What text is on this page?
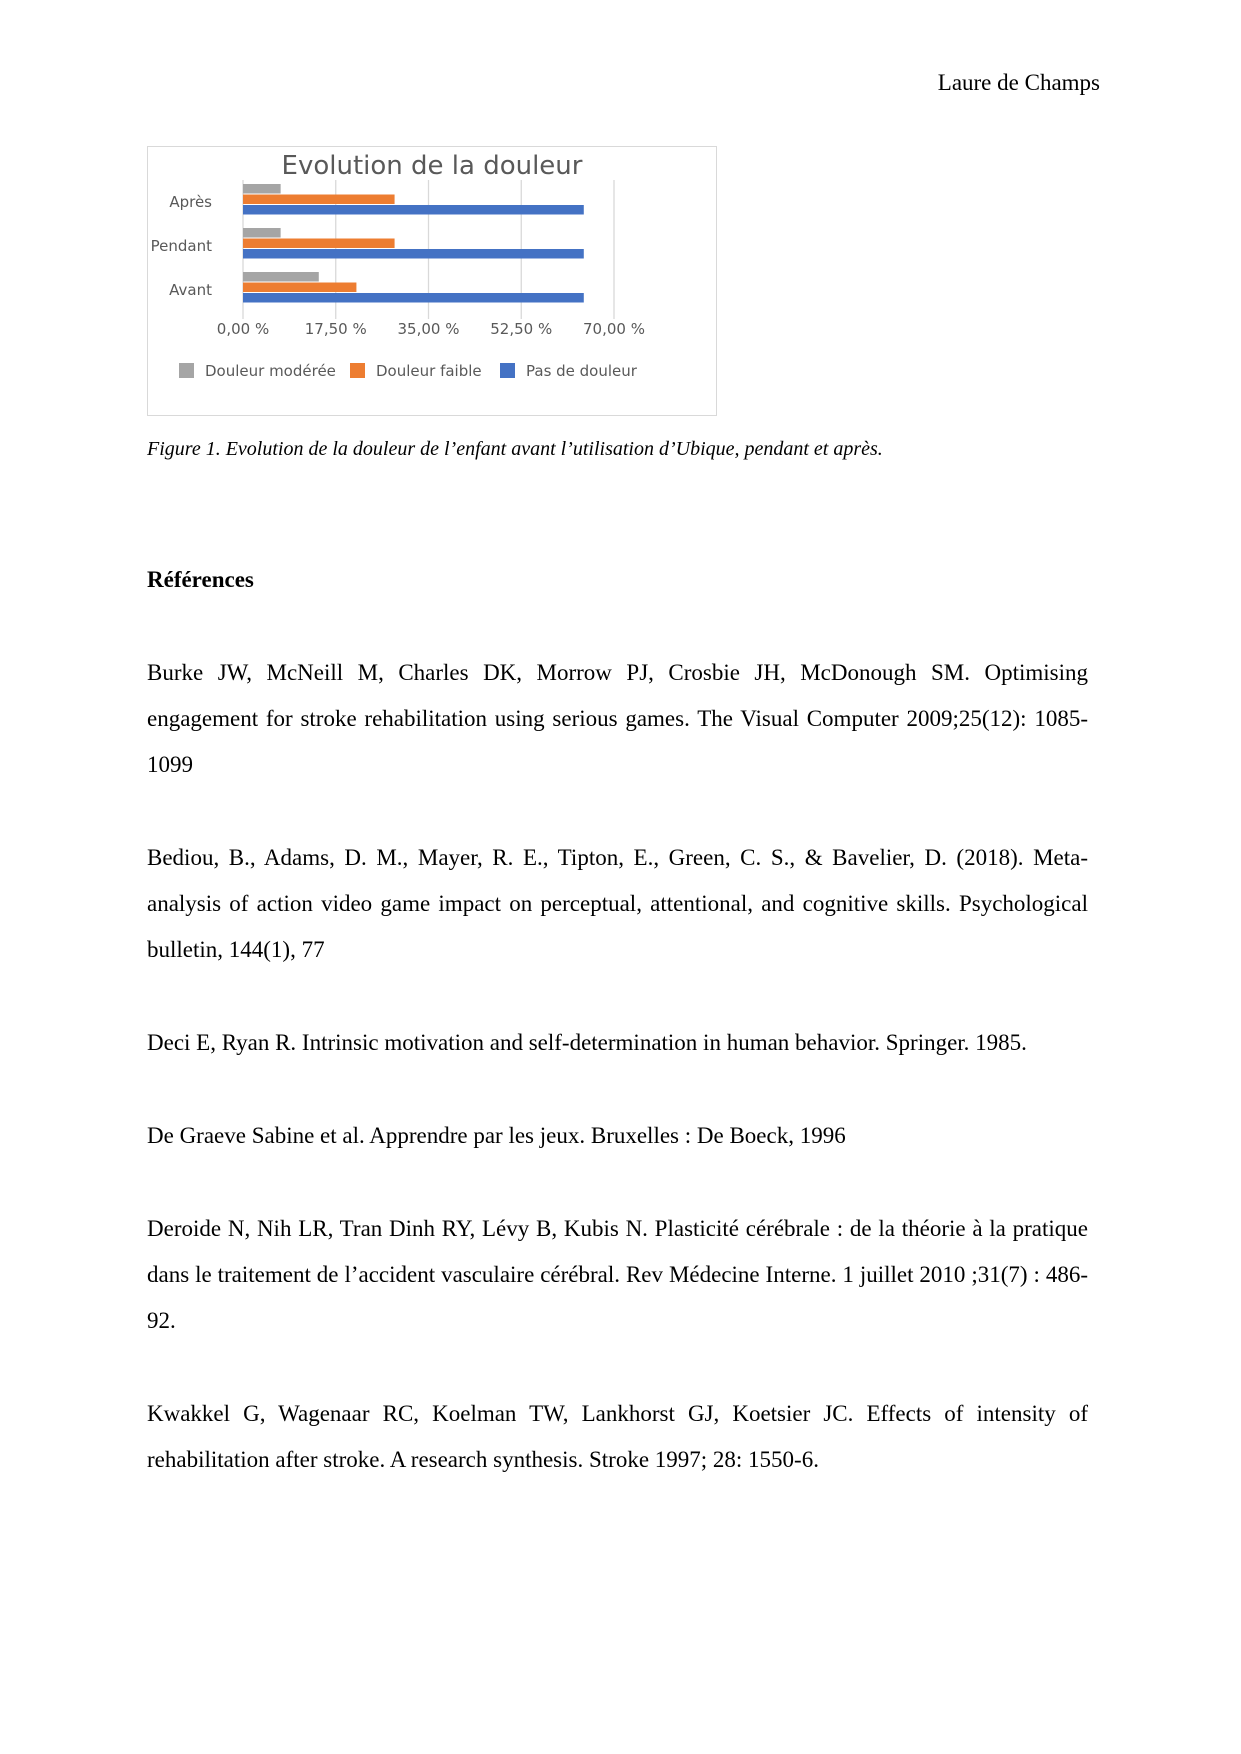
Laure de Champs
Evolution de la douleur
Avant
Pendant
Après
0,00 % 17,50 % 35,00 % 52,50 % 70,00 %
Douleur modérée	Douleur faible	Pas de douleur
Figure 1. Evolution de la douleur de l’enfant avant l’utilisation d’Ubique, pendant et après.
Références

Burke JW, McNeill M, Charles DK, Morrow PJ, Crosbie JH, McDonough SM. Optimising engagement for stroke rehabilitation using serious games. The Visual Computer 2009;25(12): 1085-1099

Bediou, B., Adams, D. M., Mayer, R. E., Tipton, E., Green, C. S., & Bavelier, D. (2018). Meta-analysis of action video game impact on perceptual, attentional, and cognitive skills. Psychological bulletin, 144(1), 77

Deci E, Ryan R. Intrinsic motivation and self-determination in human behavior. Springer. 1985.

De Graeve Sabine et al. Apprendre par les jeux. Bruxelles : De Boeck, 1996

Deroide N, Nih LR, Tran Dinh RY, Lévy B, Kubis N. Plasticité cérébrale : de la théorie à la pratique dans le traitement de l’accident vasculaire cérébral. Rev Médecine Interne. 1 juillet 2010 ;31(7) : 486-92.

Kwakkel G, Wagenaar RC, Koelman TW, Lankhorst GJ, Koetsier JC. Effects of intensity of rehabilitation after stroke. A research synthesis. Stroke 1997; 28: 1550-6.
